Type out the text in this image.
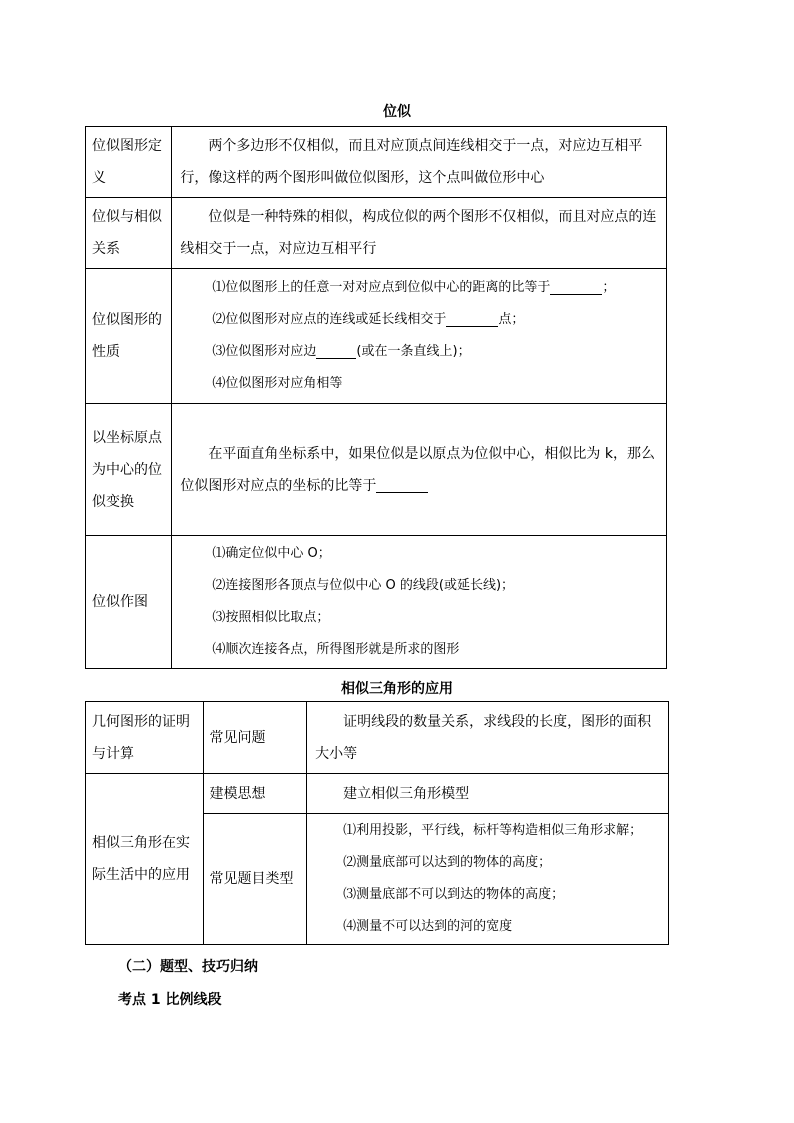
位似
位似图形定义	两个多边形不仅相似，而且对应顶点间连线相交于一点，对应边互相平行，像这样的两个图形叫做位似图形，这个点叫做位形中心
位似与相似关系	位似是一种特殊的相似，构成位似的两个图形不仅相似，而且对应点的连线相交于一点，对应边互相平行
位似图形的性质	⑴位似图形上的任意一对对应点到位似中心的距离的比等于 ；
⑵位似图形对应点的连线或延长线相交于 点；
⑶位似图形对应边 (或在一条直线上)；
⑷位似图形对应角相等

以坐标原点为中心的位似变换	在平面直角坐标系中，如果位似是以原点为位似中心，相似比为 k，那么位似图形对应点的坐标的比等于
位似作图	⑴确定位似中心 O；
⑵连接图形各顶点与位似中心 O 的线段(或延长线)；
⑶按照相似比取点；
⑷顺次连接各点，所得图形就是所求的图形
相似三角形的应用
几何图形的证明与计算	常见问题	证明线段的数量关系，求线段的长度，图形的面积大小等
相似三角形在实际生活中的应用	建模思想	建立相似三角形模型
	常见题目类型	⑴利用投影，平行线，标杆等构造相似三角形求解；
⑵测量底部可以达到的物体的高度；
⑶测量底部不可以到达的物体的高度；
⑷测量不可以达到的河的宽度
（二）题型、技巧归纳
考点 1 比例线段
